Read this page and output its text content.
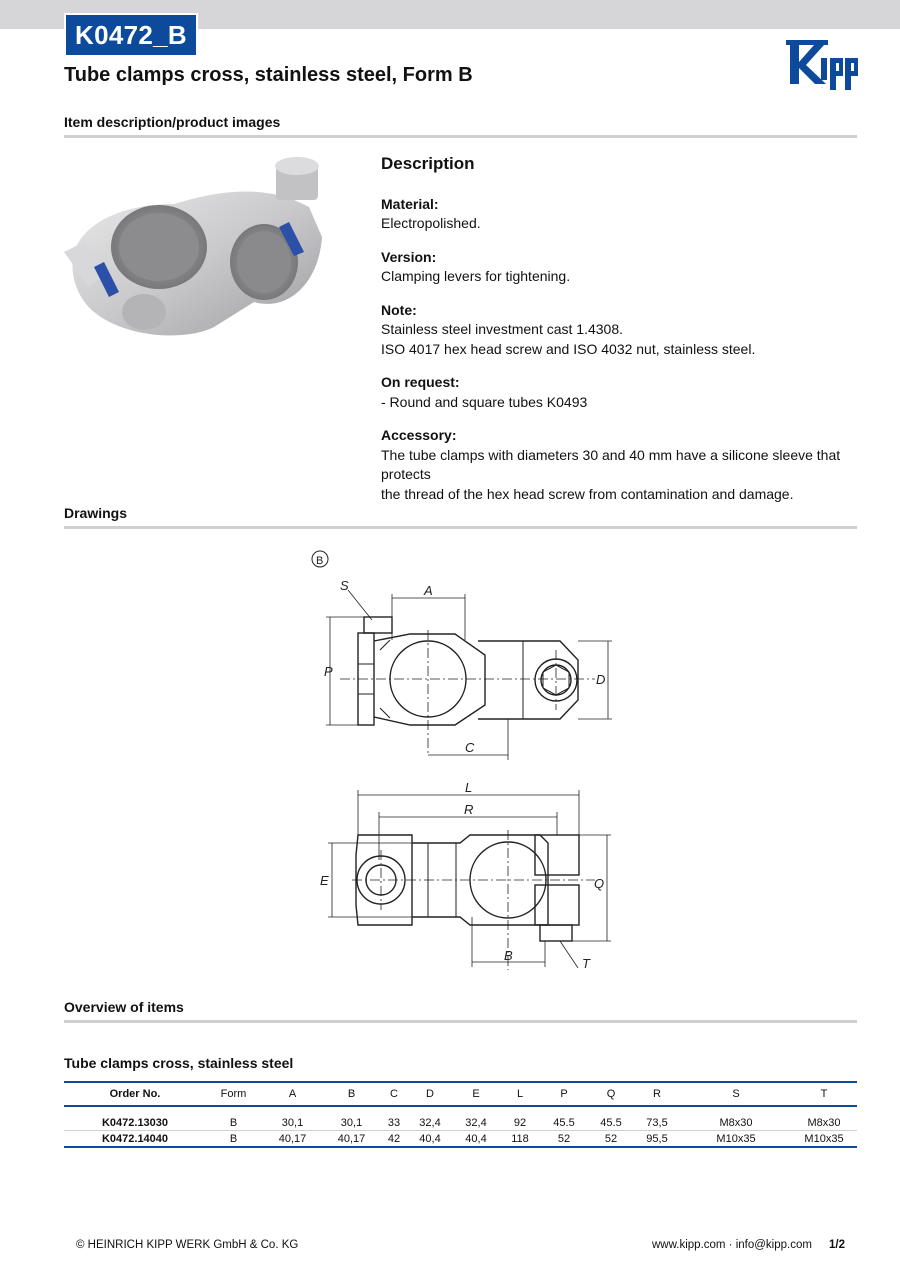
K0472_B
Tube clamps cross, stainless steel, Form B
Kipp
Item description/product images
Description
Material:
Electropolished.
Version:
Clamping levers for tightening.
Note:
Stainless steel investment cast 1.4308.
ISO 4017 hex head screw and ISO 4032 nut, stainless steel.
On request:
- Round and square tubes K0493
Accessory:
The tube clamps with diameters 30 and 40 mm have a silicone sleeve that protects
the thread of the hex head screw from contamination and damage.
Drawings
B
S	A
P
D
C
L
R
E	Q
B
T
Overview of items
Tube clamps cross, stainless steel
Order No.	Form	A	B	C	D	E	L	P	Q	R	S	T

K0472.13030	B	30,1	30,1	33	32,4	32,4	92	45.5	45.5	73,5	M8x30	M8x30
K0472.14040	B	40,17	40,17	42	40,4	40,4	118	52	52	95,5	M10x35	M10x35
© HEINRICH KIPP WERK GmbH & Co. KG	www.kipp.com · info@kipp.com 1/2
